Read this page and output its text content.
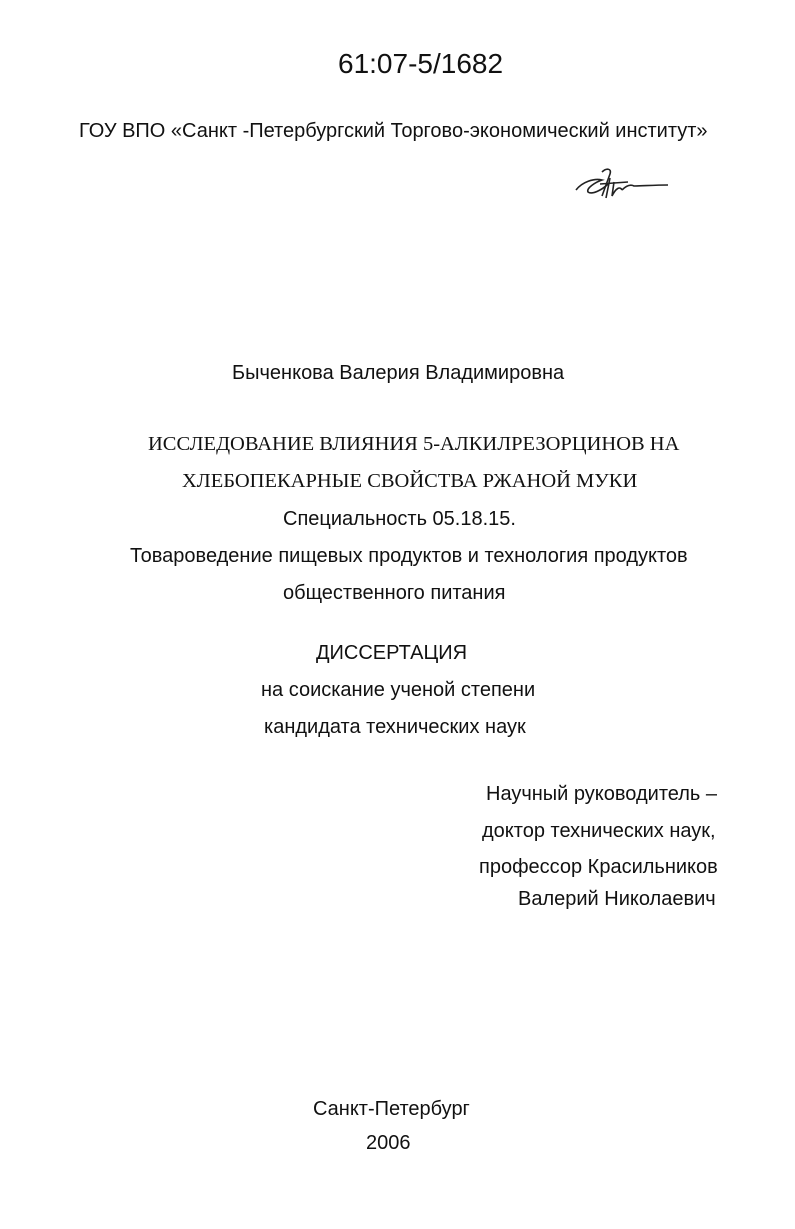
61:07-5/1682
ГОУ ВПО «Санкт -Петербургский Торгово-экономический институт»
Быченкова Валерия Владимировна
ИССЛЕДОВАНИЕ ВЛИЯНИЯ 5-АЛКИЛРЕЗОРЦИНОВ НА
ХЛЕБОПЕКАРНЫЕ СВОЙСТВА РЖАНОЙ МУКИ
Специальность 05.18.15.
Товароведение пищевых продуктов и технология продуктов
общественного питания
ДИССЕРТАЦИЯ
на соискание ученой степени
кандидата технических наук
Научный руководитель –
доктор технических наук,
профессор Красильников
Валерий Николаевич
Санкт-Петербург
2006
